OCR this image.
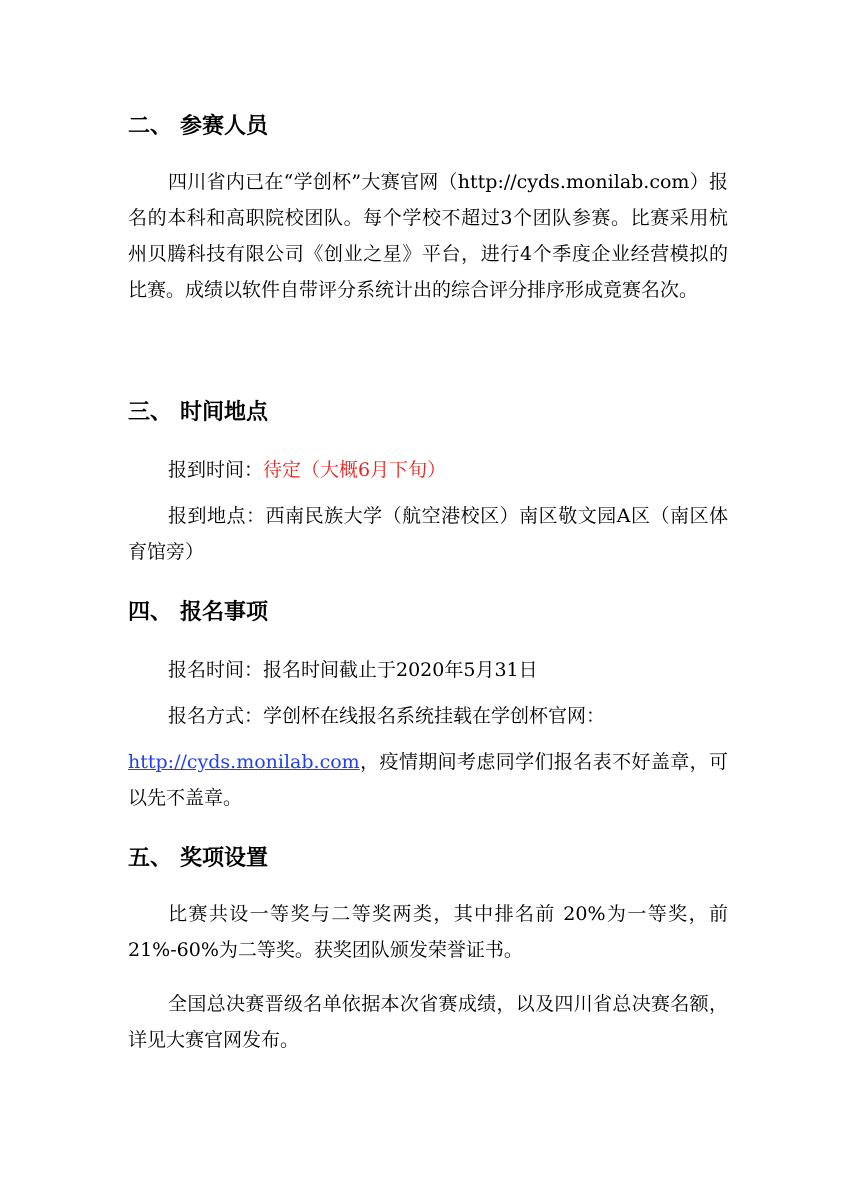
二、 参赛人员
四川省内已在“学创杯”大赛官网（http://cyds.monilab.com）报名的本科和高职院校团队。每个学校不超过3个团队参赛。比赛采用杭州贝腾科技有限公司《创业之星》平台，进行4个季度企业经营模拟的比赛。成绩以软件自带评分系统计出的综合评分排序形成竟赛名次。
三、 时间地点
报到时间：待定（大概6月下旬）
报到地点：西南民族大学（航空港校区）南区敬文园A区（南区体育馆旁）
四、 报名事项
报名时间：报名时间截止于2020年5月31日
报名方式：学创杯在线报名系统挂载在学创杯官网：
http://cyds.monilab.com，疫情期间考虑同学们报名表不好盖章，可以先不盖章。
五、 奖项设置
比赛共设一等奖与二等奖两类，其中排名前 20%为一等奖，前21%-60%为二等奖。获奖团队颁发荣誉证书。
全国总决赛晋级名单依据本次省赛成绩，以及四川省总决赛名额，详见大赛官网发布。
